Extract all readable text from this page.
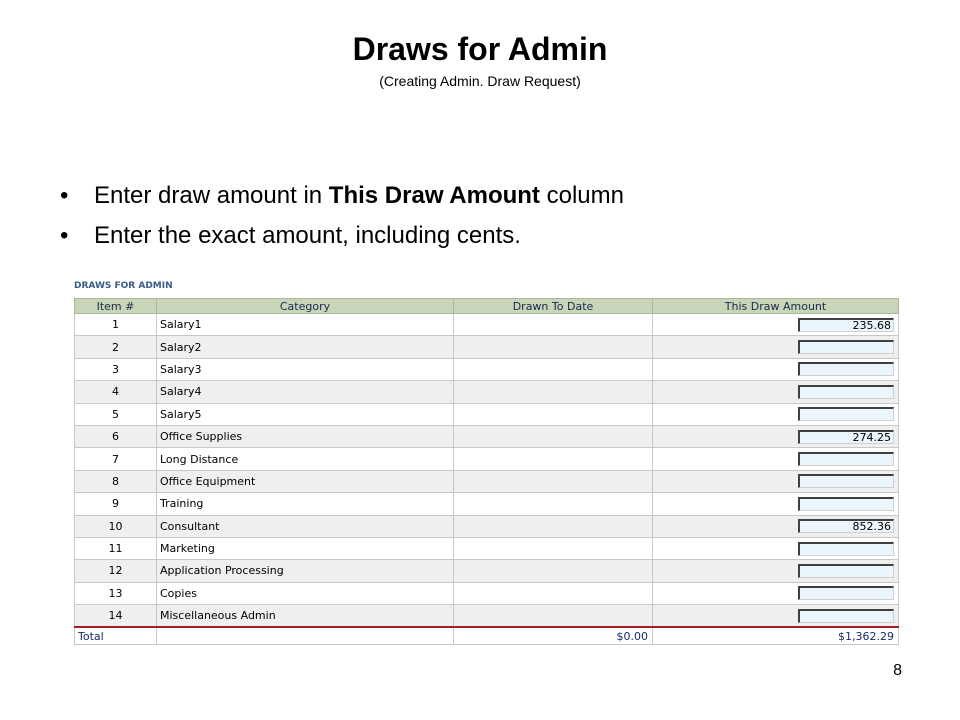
Draws for Admin
(Creating Admin. Draw Request)
• Enter draw amount in This Draw Amount column
• Enter the exact amount, including cents.
DRAWS FOR ADMIN
Item #	Category	Drawn To Date	This Draw Amount
1	Salary1		235.68
2	Salary2		
3	Salary3		
4	Salary4		
5	Salary5		
6	Office Supplies		274.25
7	Long Distance		
8	Office Equipment		
9	Training		
10	Consultant		852.36
11	Marketing		
12	Application Processing		
13	Copies		
14	Miscellaneous Admin		
Total		$0.00	$1,362.29
8
